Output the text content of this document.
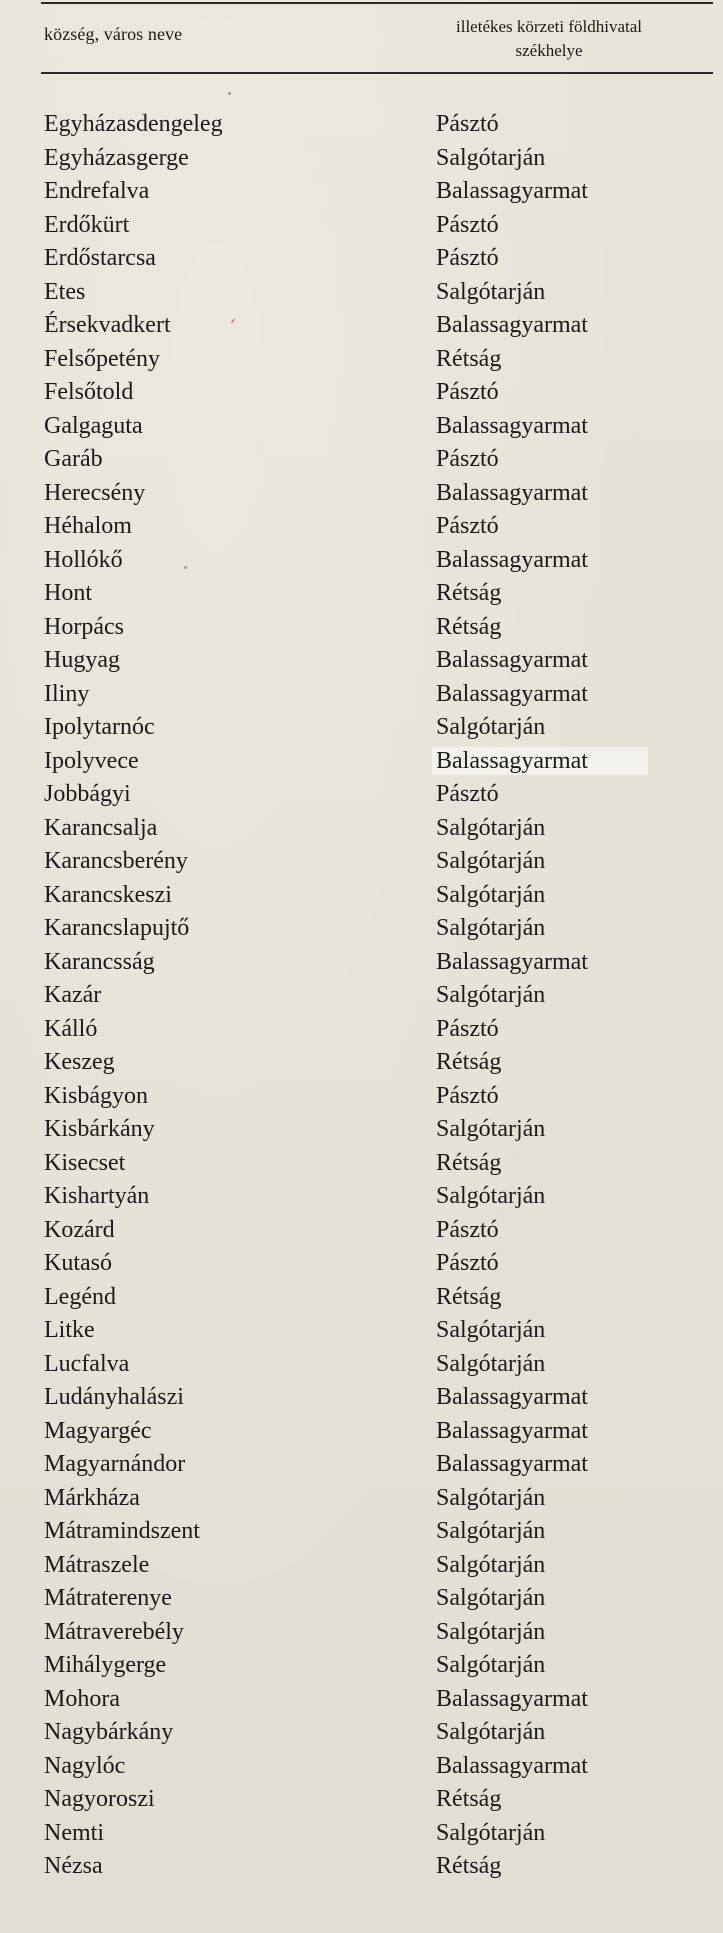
község, város neve	illetékes körzeti földhivatal
székhelye
Egyházasdengeleg	Pásztó
Egyházasgerge	Salgótarján
Endrefalva	Balassagyarmat
Erdőkürt	Pásztó
Erdőstarcsa	Pásztó
Etes	Salgótarján
Érsekvadkert	Balassagyarmat
Felsőpetény	Rétság
Felsőtold	Pásztó
Galgaguta	Balassagyarmat
Garáb	Pásztó
Herecsény	Balassagyarmat
Héhalom	Pásztó
Hollókő	Balassagyarmat
Hont	Rétság
Horpács	Rétság
Hugyag	Balassagyarmat
Iliny	Balassagyarmat
Ipolytarnóc	Salgótarján
Ipolyvece	Balassagyarmat
Jobbágyi	Pásztó
Karancsalja	Salgótarján
Karancsberény	Salgótarján
Karancskeszi	Salgótarján
Karancslapujtő	Salgótarján
Karancsság	Balassagyarmat
Kazár	Salgótarján
Kálló	Pásztó
Keszeg	Rétság
Kisbágyon	Pásztó
Kisbárkány	Salgótarján
Kisecset	Rétság
Kishartyán	Salgótarján
Kozárd	Pásztó
Kutasó	Pásztó
Legénd	Rétság
Litke	Salgótarján
Lucfalva	Salgótarján
Ludányhalászi	Balassagyarmat
Magyargéc	Balassagyarmat
Magyarnándor	Balassagyarmat
Márkháza	Salgótarján
Mátramindszent	Salgótarján
Mátraszele	Salgótarján
Mátraterenye	Salgótarján
Mátraverebély	Salgótarján
Mihálygerge	Salgótarján
Mohora	Balassagyarmat
Nagybárkány	Salgótarján
Nagylóc	Balassagyarmat
Nagyoroszi	Rétság
Nemti	Salgótarján
Nézsa	Rétság
